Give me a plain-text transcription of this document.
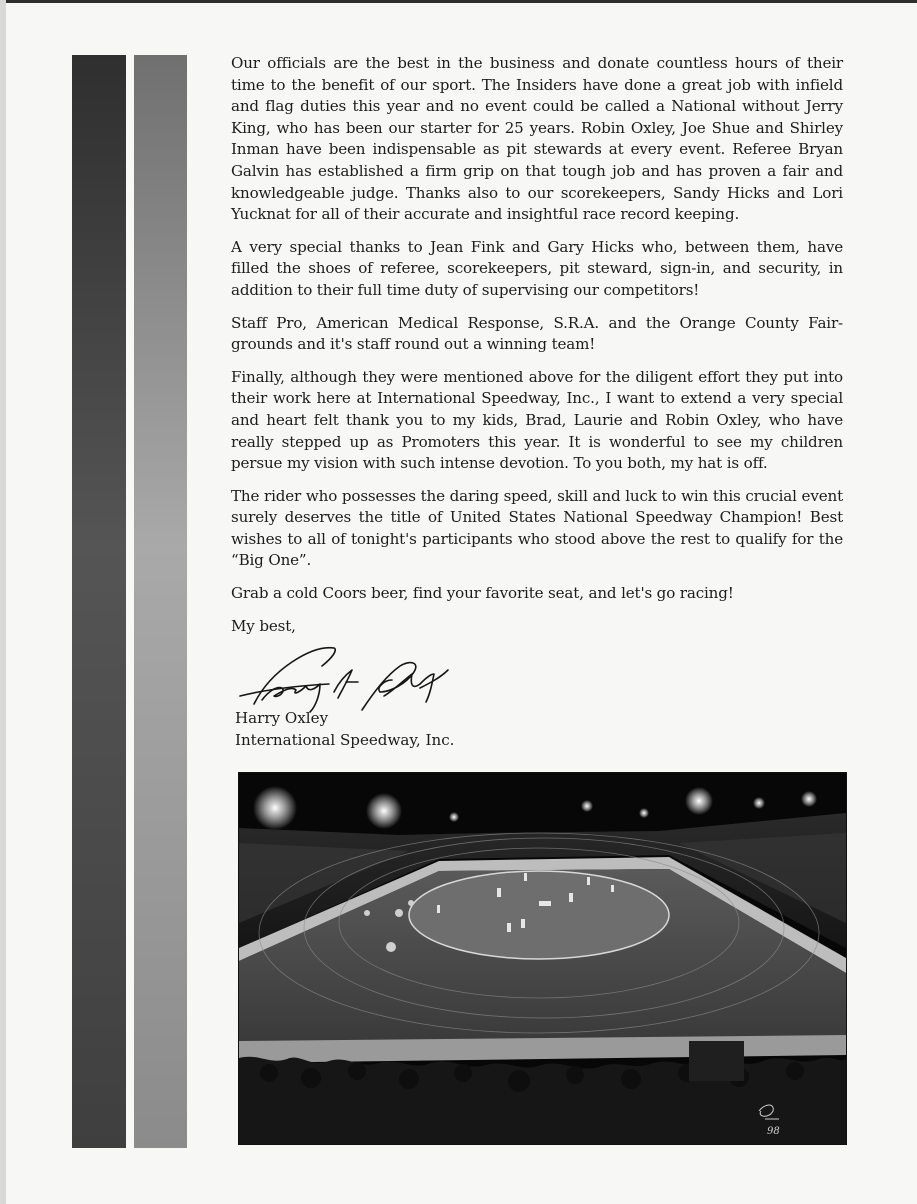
Our officials are the best in the business and donate countless hours of their time to the benefit of our sport. The Insiders have done a great job with infield and flag duties this year and no event could be called a National without Jerry King, who has been our starter for 25 years. Robin Oxley, Joe Shue and Shirley Inman have been indispensable as pit stewards at every event. Referee Bryan Galvin has established a firm grip on that tough job and has proven a fair and knowledgeable judge. Thanks also to our scorekeepers, Sandy Hicks and Lori Yucknat for all of their accurate and insightful race record keeping.

A very special thanks to Jean Fink and Gary Hicks who, between them, have filled the shoes of referee, scorekeepers, pit steward, sign-in, and security, in addition to their full time duty of supervising our competitors!

Staff Pro, American Medical Response, S.R.A. and the Orange County Fair-grounds and it's staff round out a winning team!

Finally, although they were mentioned above for the diligent effort they put into their work here at International Speedway, Inc., I want to extend a very special and heart felt thank you to my kids, Brad, Laurie and Robin Oxley, who have really stepped up as Promoters this year. It is wonderful to see my children persue my vision with such intense devotion. To you both, my hat is off.

The rider who possesses the daring speed, skill and luck to win this crucial event surely deserves the title of United States National Speedway Champion! Best wishes to all of tonight's participants who stood above the rest to qualify for the “Big One”.

Grab a cold Coors beer, find your favorite seat, and let's go racing!

My best,

Harry Oxley
International Speedway, Inc.
98
